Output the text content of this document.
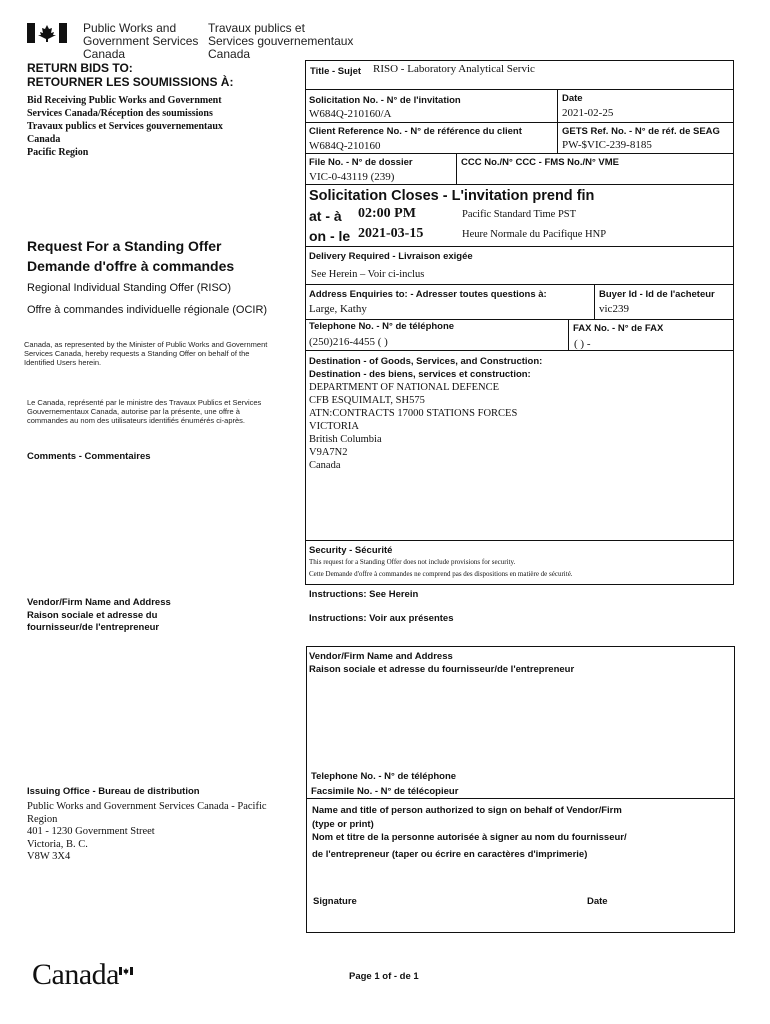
Public Works and
Government Services
Canada
Travaux publics et
Services gouvernementaux
Canada
RETURN BIDS TO:
RETOURNER LES SOUMISSIONS À:
Bid Receiving Public Works and Government
Services Canada/Réception des soumissions
Travaux publics et Services gouvernementaux
Canada
Pacific Region
Request For a Standing Offer
Demande d'offre à commandes
Regional Individual Standing Offer (RISO)
Offre à commandes individuelle régionale (OCIR)
Canada, as represented by the Minister of Public Works and Government Services Canada, hereby requests a Standing Offer on behalf of the Identified Users herein.
Le Canada, représenté par le ministre des Travaux Publics et Services Gouvernementaux Canada, autorise par la présente, une offre à commandes au nom des utilisateurs identifiés énumérés ci-après.
Comments - Commentaires
Vendor/Firm Name and Address
Raison sociale et adresse du
fournisseur/de l'entrepreneur
Issuing Office - Bureau de distribution
Public Works and Government Services Canada - Pacific
Region
401 - 1230 Government Street
Victoria, B. C.
V8W 3X4
Title - Sujet RISO - Laboratory Analytical Servic
Solicitation No. - N° de l'invitation
W684Q-210160/A
Date
2021-02-25
Client Reference No. - N° de référence du client
W684Q-210160
GETS Ref. No. - N° de réf. de SEAG
PW-$VIC-239-8185
File No. - N° de dossier
VIC-0-43119 (239)
CCC No./N° CCC - FMS No./N° VME
Solicitation Closes - L'invitation prend fin
at - à 02:00 PM	Pacific Standard Time PST
on - le 2021-03-15	Heure Normale du Pacifique HNP
Delivery Required - Livraison exigée
See Herein – Voir ci-inclus
Address Enquiries to: - Adresser toutes questions à:
Large, Kathy
Buyer Id - Id de l'acheteur
vic239
Telephone No. - N° de téléphone
(250)216-4455 ( )
FAX No. - N° de FAX
( ) -
Destination - of Goods, Services, and Construction:
Destination - des biens, services et construction:
DEPARTMENT OF NATIONAL DEFENCE
CFB ESQUIMALT, SH575
ATN:CONTRACTS 17000 STATIONS FORCES
VICTORIA
British Columbia
V9A7N2
Canada
Security - Sécurité
This request for a Standing Offer does not include provisions for security.
Cette Demande d'offre à commandes ne comprend pas des dispositions en matière de sécurité.
Instructions: See Herein
Instructions: Voir aux présentes
Vendor/Firm Name and Address
Raison sociale et adresse du fournisseur/de l'entrepreneur
Telephone No. - N° de téléphone
Facsimile No. - N° de télécopieur
Name and title of person authorized to sign on behalf of Vendor/Firm
(type or print)
Nom et titre de la personne autorisée à signer au nom du fournisseur/
de l'entrepreneur (taper ou écrire en caractères d'imprimerie)
Signature	Date
Canada	Page 1 of - de 1
